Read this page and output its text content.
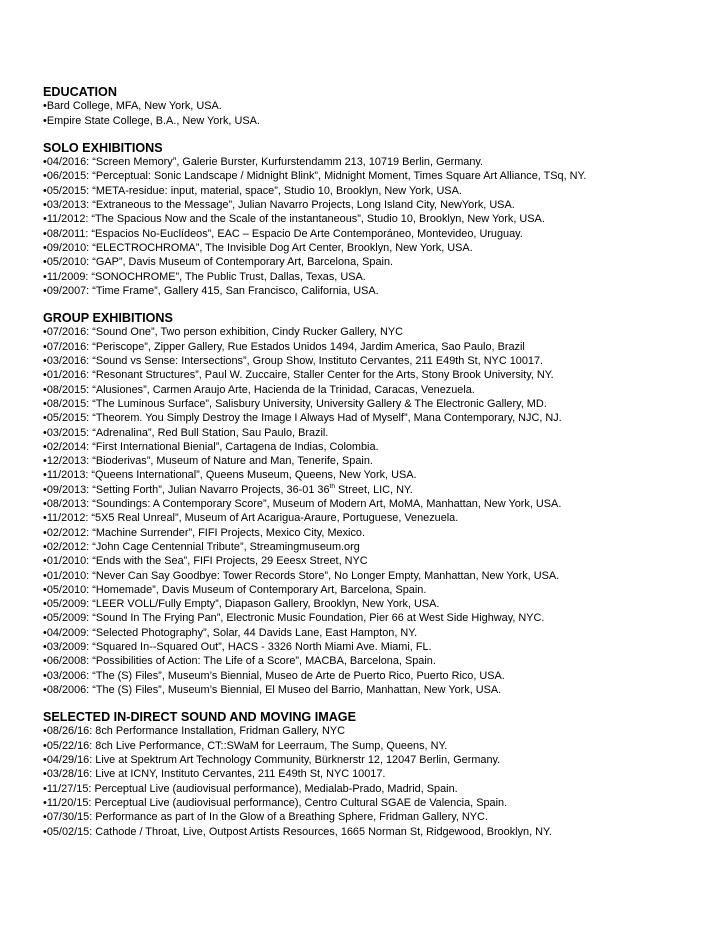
EDUCATION
•Bard College, MFA, New York, USA.
•Empire State College, B.A., New York, USA.
SOLO EXHIBITIONS
•04/2016: “Screen Memory”, Galerie Burster, Kurfurstendamm 213, 10719 Berlin, Germany.
•06/2015: “Perceptual: Sonic Landscape / Midnight Blink”, Midnight Moment, Times Square Art Alliance, TSq, NY.
•05/2015: “META-residue: input, material, space”, Studio 10, Brooklyn, New York, USA.
•03/2013: “Extraneous to the Message”, Julian Navarro Projects, Long Island City, NewYork, USA.
•11/2012: “The Spacious Now and the Scale of the instantaneous”, Studio 10, Brooklyn, New York, USA.
•08/2011: “Espacios No-Euclídeos”, EAC – Espacio De Arte Contemporáneo, Montevideo, Uruguay.
•09/2010: “ELECTROCHROMA”, The Invisible Dog Art Center, Brooklyn, New York, USA.
•05/2010: “GAP”, Davis Museum of Contemporary Art, Barcelona, Spain.
•11/2009: “SONOCHROME”, The Public Trust, Dallas, Texas, USA.
•09/2007: “Time Frame”, Gallery 415, San Francisco, California, USA.
GROUP EXHIBITIONS
•07/2016: “Sound One”, Two person exhibition, Cindy Rucker Gallery, NYC
•07/2016: “Periscope”, Zipper Gallery, Rue Estados Unidos 1494, Jardim America, Sao Paulo, Brazil
•03/2016: “Sound vs Sense: Intersections”, Group Show, Instituto Cervantes, 211 E49th St, NYC 10017.
•01/2016: “Resonant Structures”, Paul W. Zuccaire, Staller Center for the Arts, Stony Brook University, NY.
•08/2015: “Alusiones”, Carmen Araujo Arte, Hacienda de la Trinidad, Caracas, Venezuela.
•08/2015: “The Luminous Surface”, Salisbury University, University Gallery & The Electronic Gallery, MD.
•05/2015: “Theorem. You Simply Destroy the Image I Always Had of Myself”, Mana Contemporary, NJC, NJ.
•03/2015: “Adrenalina”, Red Bull Station, Sau Paulo, Brazil.
•02/2014: “First International Bienial”, Cartagena de Indias, Colombia.
•12/2013: “Bioderivas”, Museum of Nature and Man, Tenerife, Spain.
•11/2013: “Queens International”, Queens Museum, Queens, New York, USA.
•09/2013: “Setting Forth”, Julian Navarro Projects, 36-01 36th Street, LIC, NY.
•08/2013: “Soundings: A Contemporary Score”, Museum of Modern Art, MoMA, Manhattan, New York, USA.
•11/2012: “5X5 Real Unreal”, Museum of Art Acarigua-Araure, Portuguese, Venezuela.
•02/2012: “Machine Surrender”, FIFI Projects, Mexico City, Mexico.
•02/2012: “John Cage Centennial Tribute”, Streamingmuseum.org
•01/2010: “Ends with the Sea”, FIFI Projects, 29 Eeesx Street, NYC
•01/2010: “Never Can Say Goodbye: Tower Records Store”, No Longer Empty, Manhattan, New York, USA.
•05/2010: “Homemade”, Davis Museum of Contemporary Art, Barcelona, Spain.
•05/2009: “LEER VOLL/Fully Empty”, Diapason Gallery, Brooklyn, New York, USA.
•05/2009: “Sound In The Frying Pan”, Electronic Music Foundation, Pier 66 at West Side Highway, NYC.
•04/2009: “Selected Photography”, Solar, 44 Davids Lane, East Hampton, NY.
•03/2009: “Squared In--Squared Out”, HACS - 3326 North Miami Ave. Miami, FL.
•06/2008: “Possibilities of Action: The Life of a Score”, MACBA, Barcelona, Spain.
•03/2006: “The (S) Files”, Museum’s Biennial, Museo de Arte de Puerto Rico, Puerto Rico, USA.
•08/2006: “The (S) Files”, Museum’s Biennial, El Museo del Barrio, Manhattan, New York, USA.
SELECTED IN-DIRECT SOUND AND MOVING IMAGE
•08/26/16: 8ch Performance Installation, Fridman Gallery, NYC
•05/22/16: 8ch Live Performance, CT::SWaM for Leerraum, The Sump, Queens, NY.
•04/29/16: Live at Spektrum Art Technology Community, Bürknerstr 12, 12047 Berlin, Germany.
•03/28/16: Live at ICNY, Instituto Cervantes, 211 E49th St, NYC 10017.
•11/27/15: Perceptual Live (audiovisual performance), Medialab-Prado, Madrid, Spain.
•11/20/15: Perceptual Live (audiovisual performance), Centro Cultural SGAE de Valencia, Spain.
•07/30/15: Performance as part of In the Glow of a Breathing Sphere, Fridman Gallery, NYC.
•05/02/15: Cathode / Throat, Live, Outpost Artists Resources, 1665 Norman St, Ridgewood, Brooklyn, NY.
